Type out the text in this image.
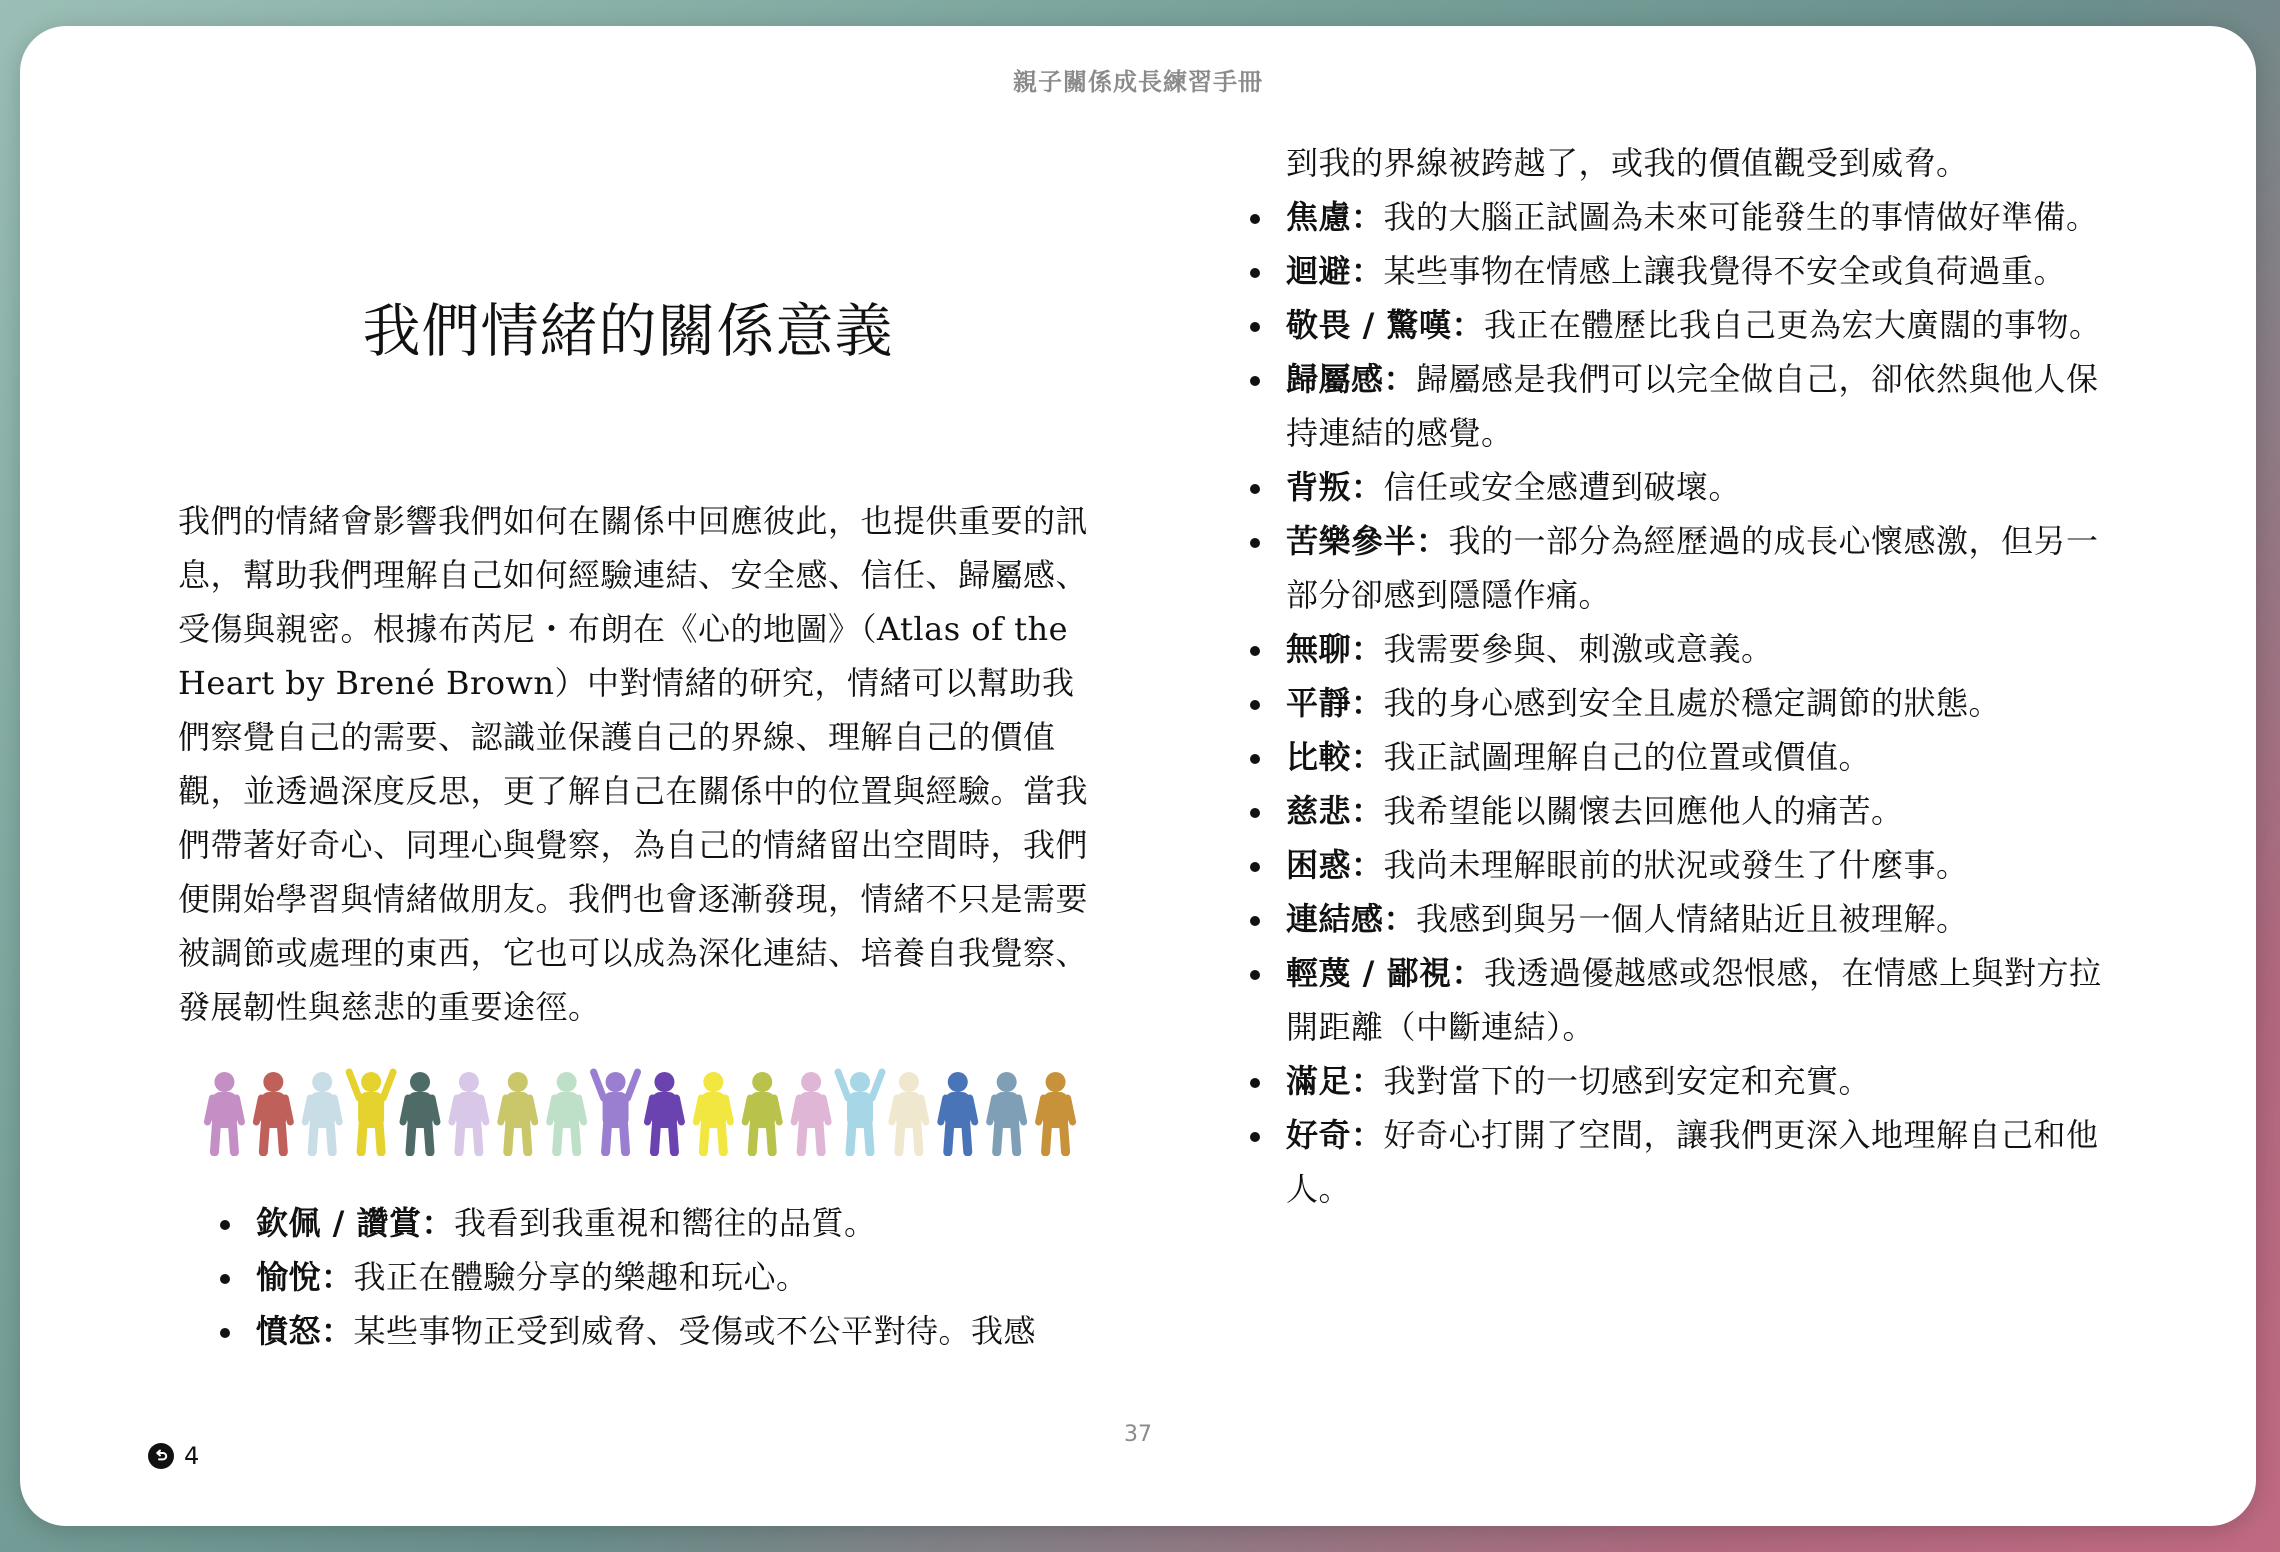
親子關係成長練習手冊
我們情緒的關係意義

我們的情緒會影響我們如何在關係中回應彼此，也提供重要的訊息，幫助我們理解自己如何經驗連結、安全感、信任、歸屬感、受傷與親密。根據布芮尼・布朗在《心的地圖》（Atlas of the Heart by Brené Brown）中對情緒的研究，情緒可以幫助我們察覺自己的需要、認識並保護自己的界線、理解自己的價值觀，並透過深度反思，更了解自己在關係中的位置與經驗。當我們帶著好奇心、同理心與覺察，為自己的情緒留出空間時，我們便開始學習與情緒做朋友。我們也會逐漸發現，情緒不只是需要被調節或處理的東西，它也可以成為深化連結、培養自我覺察、發展韌性與慈悲的重要途徑。

欽佩 / 讚賞：我看到我重視和嚮往的品質。
愉悅：我正在體驗分享的樂趣和玩心。
憤怒：某些事物正受到威脅、受傷或不公平對待。我感
到我的界線被跨越了，或我的價值觀受到威脅。
焦慮：我的大腦正試圖為未來可能發生的事情做好準備。
迴避：某些事物在情感上讓我覺得不安全或負荷過重。
敬畏 / 驚嘆：我正在體歷比我自己更為宏大廣闊的事物。
歸屬感：歸屬感是我們可以完全做自己，卻依然與他人保持連結的感覺。
背叛：信任或安全感遭到破壞。
苦樂參半：我的一部分為經歷過的成長心懷感激，但另一部分卻感到隱隱作痛。
無聊：我需要參與、刺激或意義。
平靜：我的身心感到安全且處於穩定調節的狀態。
比較：我正試圖理解自己的位置或價值。
慈悲：我希望能以關懷去回應他人的痛苦。
困惑：我尚未理解眼前的狀況或發生了什麼事。
連結感：我感到與另一個人情緒貼近且被理解。
輕蔑 / 鄙視：我透過優越感或怨恨感，在情感上與對方拉開距離（中斷連結）。
滿足：我對當下的一切感到安定和充實。
好奇：好奇心打開了空間，讓我們更深入地理解自己和他人。
37
4
